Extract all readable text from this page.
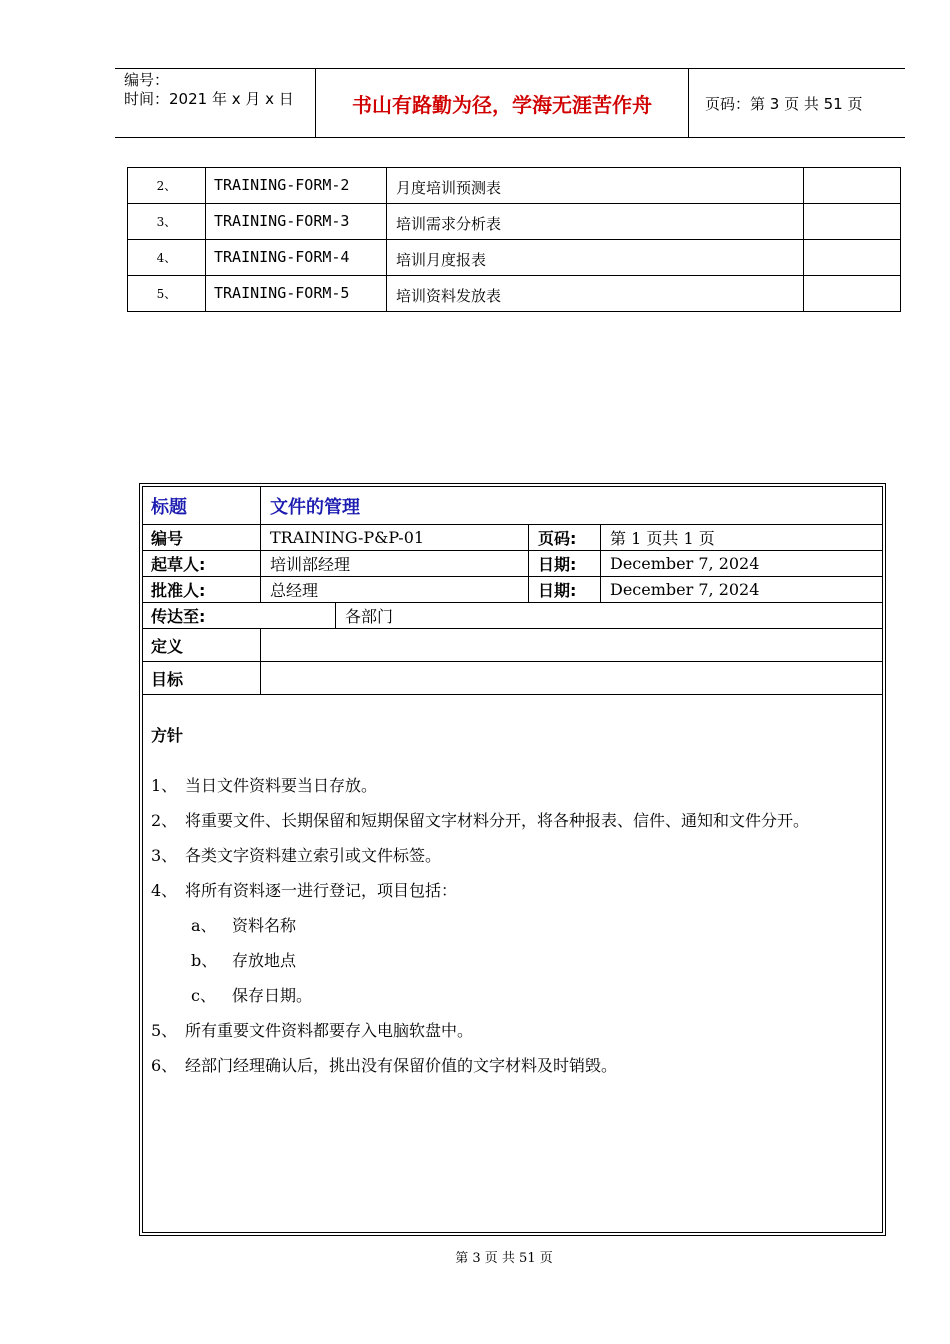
编号：
时间：2021 年 x 月 x 日	书山有路勤为径，学海无涯苦作舟	页码：第 3 页 共 51 页
2、	TRAINING-FORM-2	月度培训预测表	
3、	TRAINING-FORM-3	培训需求分析表	
4、	TRAINING-FORM-4	培训月度报表	
5、	TRAINING-FORM-5	培训资料发放表	
标题	文件的管理
编号	TRAINING-P&P-01	页码:	第 1 页共 1 页
起草人:	培训部经理	日期:	December 7, 2024
批准人:	总经理	日期:	December 7, 2024
传达至:	各部门
定义
目标
方针
1、 当日文件资料要当日存放。
2、 将重要文件、长期保留和短期保留文字材料分开，将各种报表、信件、通知和文件分开。
3、 各类文字资料建立索引或文件标签。
4、 将所有资料逐一进行登记，项目包括：
a、 资料名称
b、 存放地点
c、 保存日期。
5、 所有重要文件资料都要存入电脑软盘中。
6、 经部门经理确认后，挑出没有保留价值的文字材料及时销毁。
第 3 页 共 51 页
